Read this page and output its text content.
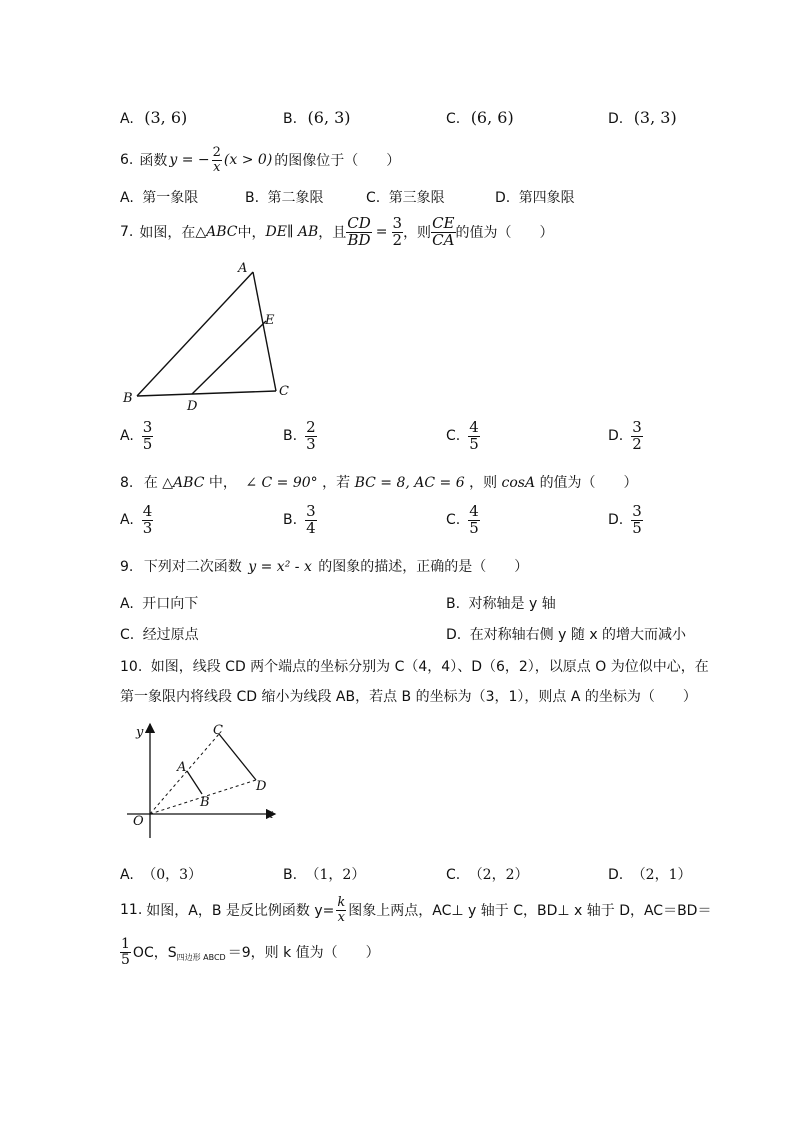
A. (3, 6)	B. (6, 3)	C. (6, 6)	D. (3, 3)
6. 函数 y = − $\frac{2}{x} (x > 0)$ 的图像位于（　　）
A. 第一象限	B. 第二象限	C. 第三象限	D. 第四象限
7. 如图，在 △ABC 中， DE∥ AB ，且 $\frac{CD}{BD} = \frac{3}{2}$ ，则 $\frac{CE}{CA}$ 的值为（　　）
A
B	C
D
E
A. $\frac{3}{5}$	B. $\frac{2}{3}$	C. $\frac{4}{5}$	D. $\frac{3}{2}$
8. 在 △ABC 中， ∠ C = 90° ，若 BC = 8, AC = 6 ，则 cosA 的值为（　　）
A. $\frac{4}{3}$	B. $\frac{3}{4}$	C. $\frac{4}{5}$	D. $\frac{3}{5}$
9. 下列对二次函数 y = x² - x 的图象的描述，正确的是（　　）
A. 开口向下	B. 对称轴是 y 轴
C. 经过原点	D. 在对称轴右侧 y 随 x 的增大而减小
10. 如图，线段 CD 两个端点的坐标分别为 C（4，4）、D（6，2），以原点 O 为位似中心，在
第一象限内将线段 CD 缩小为线段 AB，若点 B 的坐标为（3，1），则点 A 的坐标为（　　）
y
x
O
C
D
A
B
A. （0，3）	B. （1，2）	C. （2，2）	D. （2，1）
11. 如图，A，B 是反比例函数 $y= \frac{k}{x}$ 图象上两点，AC⊥ y 轴于 C，BD⊥ x 轴于 D，AC＝BD＝
$\frac{1}{5}$ OC，S 四边形 ABCD ＝9，则 k 值为（　　）
